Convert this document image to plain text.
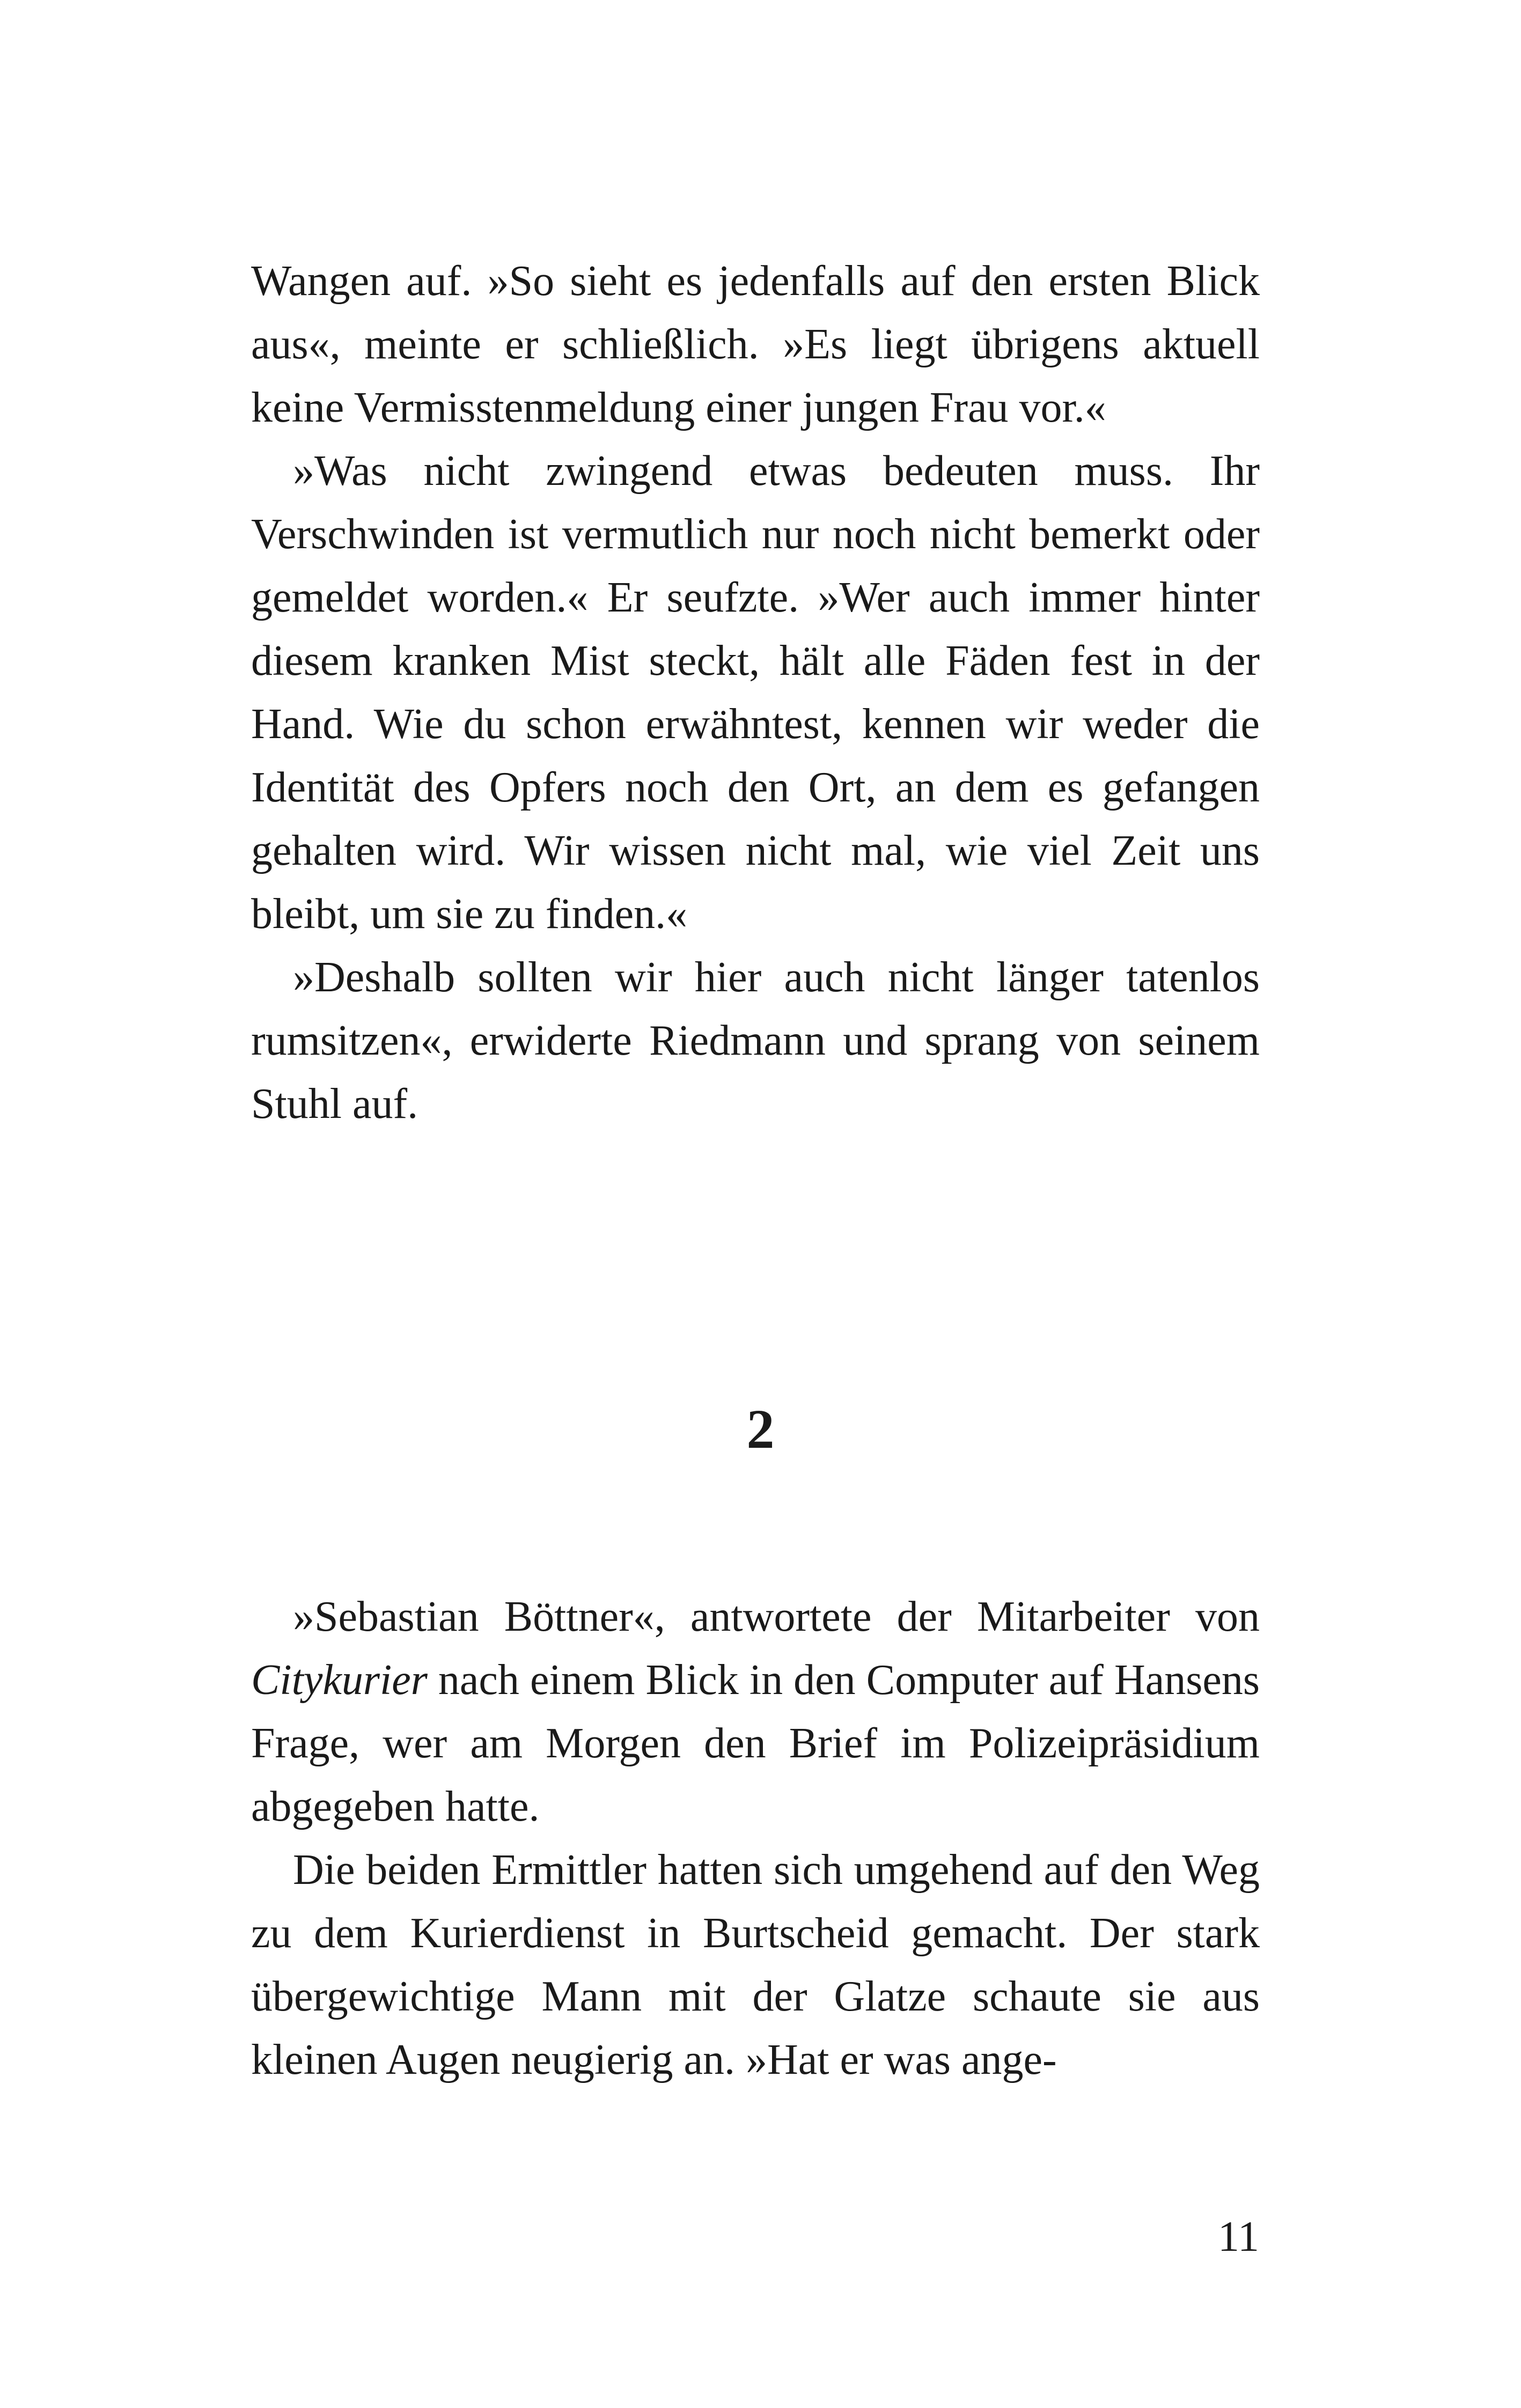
Wangen auf. »So sieht es jedenfalls auf den ersten Blick aus«, meinte er schließlich. »Es liegt übrigens aktuell keine Vermisstenmeldung einer jungen Frau vor.«

»Was nicht zwingend etwas bedeuten muss. Ihr Verschwinden ist vermutlich nur noch nicht bemerkt oder gemeldet worden.« Er seufzte. »Wer auch immer hinter diesem kranken Mist steckt, hält alle Fäden fest in der Hand. Wie du schon erwähntest, kennen wir weder die Identität des Opfers noch den Ort, an dem es gefangen gehalten wird. Wir wissen nicht mal, wie viel Zeit uns bleibt, um sie zu finden.«

»Deshalb sollten wir hier auch nicht länger tatenlos rumsitzen«, erwiderte Riedmann und sprang von seinem Stuhl auf.

2

»Sebastian Böttner«, antwortete der Mitarbeiter von Citykurier nach einem Blick in den Computer auf Hansens Frage, wer am Morgen den Brief im Polizeipräsidium abgegeben hatte.

Die beiden Ermittler hatten sich umgehend auf den Weg zu dem Kurierdienst in Burtscheid gemacht. Der stark übergewichtige Mann mit der Glatze schaute sie aus kleinen Augen neugierig an. »Hat er was ange-

11
